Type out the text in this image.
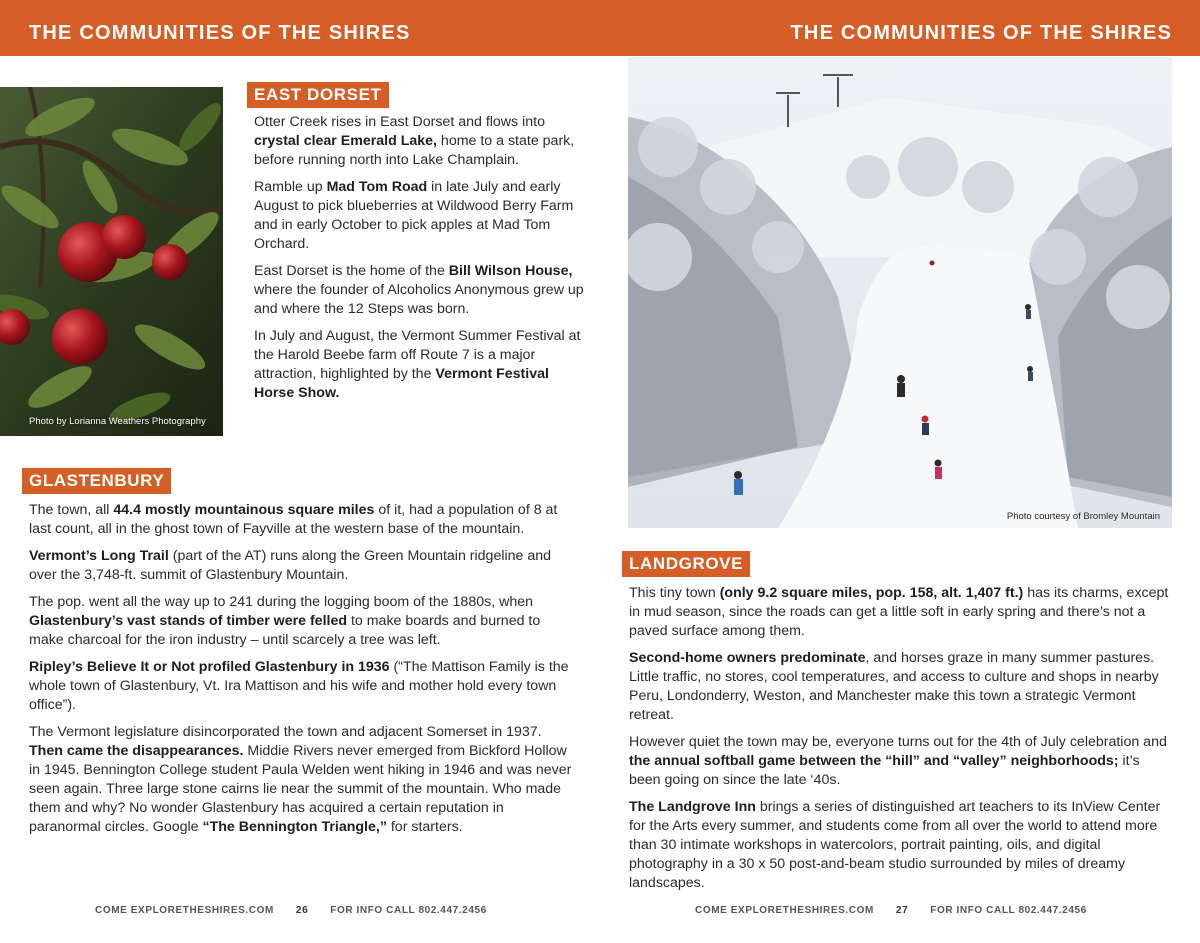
THE COMMUNITIES OF THE SHIRES	THE COMMUNITIES OF THE SHIRES
Photo by Lorianna Weathers Photography
Photo courtesy of Bromley Mountain
EAST DORSET
GLASTENBURY
LANDGROVE

Otter Creek rises in East Dorset and flows into crystal clear Emerald Lake, home to a state park, before running north into Lake Champlain.

Ramble up Mad Tom Road in late July and early August to pick blueberries at Wildwood Berry Farm and in early October to pick apples at Mad Tom Orchard.

East Dorset is the home of the Bill Wilson House, where the founder of Alcoholics Anonymous grew up and where the 12 Steps was born.

In July and August, the Vermont Summer Festival at the Harold Beebe farm off Route 7 is a major attraction, highlighted by the Vermont Festival Horse Show.

The town, all 44.4 mostly mountainous square miles of it, had a population of 8 at last count, all in the ghost town of Fayville at the western base of the mountain.

Vermont’s Long Trail (part of the AT) runs along the Green Mountain ridgeline and over the 3,748-ft. summit of Glastenbury Mountain.

The pop. went all the way up to 241 during the logging boom of the 1880s, when Glastenbury’s vast stands of timber were felled to make boards and burned to make charcoal for the iron industry – until scarcely a tree was left.

Ripley’s Believe It or Not profiled Glastenbury in 1936 (“The Mattison Family is the whole town of Glastenbury, Vt. Ira Mattison and his wife and mother hold every town office”).

The Vermont legislature disincorporated the town and adjacent Somerset in 1937. Then came the disappearances. Middie Rivers never emerged from Bickford Hollow in 1945. Bennington College student Paula Welden went hiking in 1946 and was never seen again. Three large stone cairns lie near the summit of the mountain. Who made them and why? No wonder Glastenbury has acquired a certain reputation in paranormal circles. Google “The Bennington Triangle,” for starters.

This tiny town (only 9.2 square miles, pop. 158, alt. 1,407 ft.) has its charms, except in mud season, since the roads can get a little soft in early spring and there’s not a paved surface among them.

Second-home owners predominate, and horses graze in many summer pastures. Little traffic, no stores, cool temperatures, and access to culture and shops in nearby Peru, Londonderry, Weston, and Manchester make this town a strategic Vermont retreat.

However quiet the town may be, everyone turns out for the 4th of July celebration and the annual softball game between the “hill” and “valley” neighborhoods; it’s been going on since the late ‘40s.

The Landgrove Inn brings a series of distinguished art teachers to its InView Center for the Arts every summer, and students come from all over the world to attend more than 30 intimate workshops in watercolors, portrait painting, oils, and digital photography in a 30 x 50 post-and-beam studio surrounded by miles of dreamy landscapes.

COME EXPLORETHESHIRES.COM 26 FOR INFO CALL 802.447.2456	COME EXPLORETHESHIRES.COM 27 FOR INFO CALL 802.447.2456
